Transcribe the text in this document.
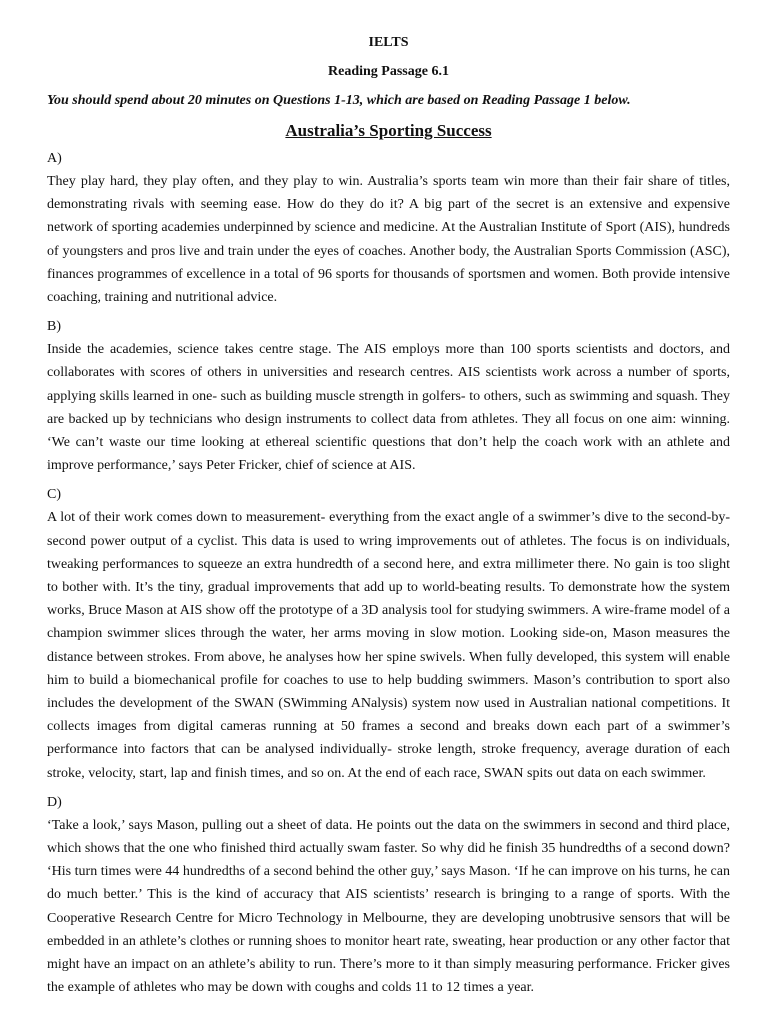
IELTS
Reading Passage 6.1
You should spend about 20 minutes on Questions 1-13, which are based on Reading Passage 1 below.
Australia’s Sporting Success
A)

They play hard, they play often, and they play to win. Australia’s sports team win more than their fair share of titles, demonstrating rivals with seeming ease. How do they do it? A big part of the secret is an extensive and expensive network of sporting academies underpinned by science and medicine. At the Australian Institute of Sport (AIS), hundreds of youngsters and pros live and train under the eyes of coaches. Another body, the Australian Sports Commission (ASC), finances programmes of excellence in a total of 96 sports for thousands of sportsmen and women. Both provide intensive coaching, training and nutritional advice.

B)

Inside the academies, science takes centre stage. The AIS employs more than 100 sports scientists and doctors, and collaborates with scores of others in universities and research centres. AIS scientists work across a number of sports, applying skills learned in one- such as building muscle strength in golfers- to others, such as swimming and squash. They are backed up by technicians who design instruments to collect data from athletes. They all focus on one aim: winning. ‘We can’t waste our time looking at ethereal scientific questions that don’t help the coach work with an athlete and improve performance,’ says Peter Fricker, chief of science at AIS.

C)

A lot of their work comes down to measurement- everything from the exact angle of a swimmer’s dive to the second-by-second power output of a cyclist. This data is used to wring improvements out of athletes. The focus is on individuals, tweaking performances to squeeze an extra hundredth of a second here, and extra millimeter there. No gain is too slight to bother with. It’s the tiny, gradual improvements that add up to world-beating results. To demonstrate how the system works, Bruce Mason at AIS show off the prototype of a 3D analysis tool for studying swimmers. A wire-frame model of a champion swimmer slices through the water, her arms moving in slow motion. Looking side-on, Mason measures the distance between strokes. From above, he analyses how her spine swivels. When fully developed, this system will enable him to build a biomechanical profile for coaches to use to help budding swimmers. Mason’s contribution to sport also includes the development of the SWAN (SWimming ANalysis) system now used in Australian national competitions. It collects images from digital cameras running at 50 frames a second and breaks down each part of a swimmer’s performance into factors that can be analysed individually- stroke length, stroke frequency, average duration of each stroke, velocity, start, lap and finish times, and so on. At the end of each race, SWAN spits out data on each swimmer.

D)

‘Take a look,’ says Mason, pulling out a sheet of data. He points out the data on the swimmers in second and third place, which shows that the one who finished third actually swam faster. So why did he finish 35 hundredths of a second down? ‘His turn times were 44 hundredths of a second behind the other guy,’ says Mason. ‘If he can improve on his turns, he can do much better.’ This is the kind of accuracy that AIS scientists’ research is bringing to a range of sports. With the Cooperative Research Centre for Micro Technology in Melbourne, they are developing unobtrusive sensors that will be embedded in an athlete’s clothes or running shoes to monitor heart rate, sweating, hear production or any other factor that might have an impact on an athlete’s ability to run. There’s more to it than simply measuring performance. Fricker gives the example of athletes who may be down with coughs and colds 11 to 12 times a year.
